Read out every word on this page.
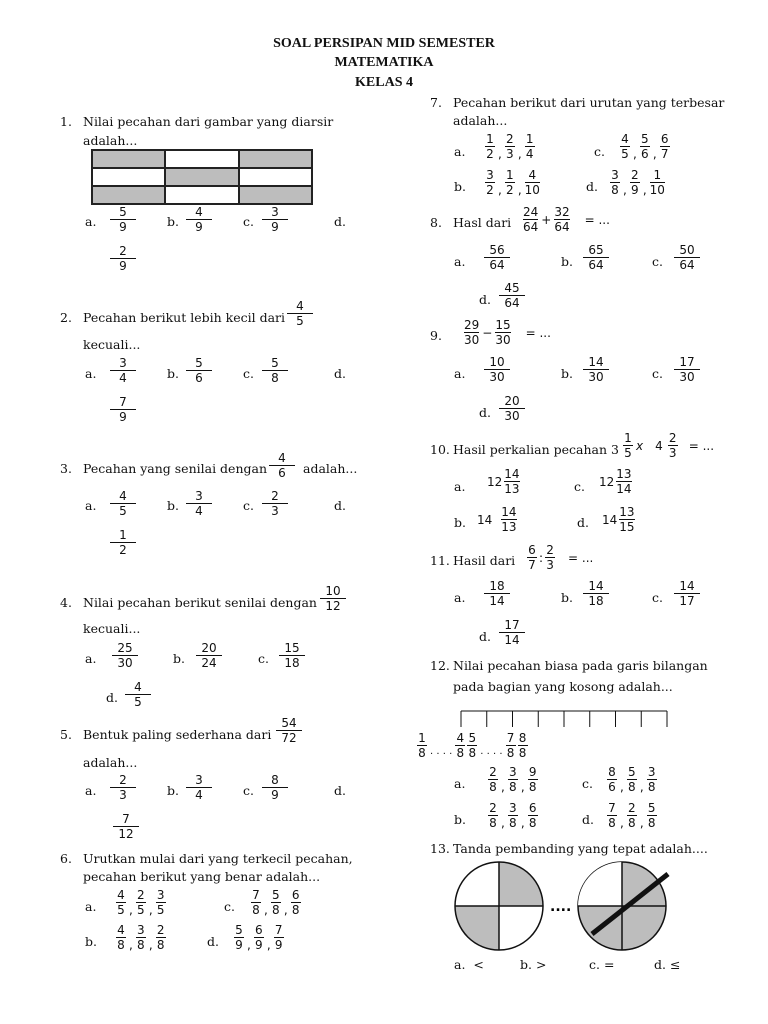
SOAL PERSIPAN MID SEMESTER
MATEMATIKA
KELAS 4
1. Nilai pecahan dari gambar yang diarsir
adalah...
a.
5
9	b.
4
9	c.
3
9	d.
2
9
2. Pecahan berikut lebih kecil dari
4
5
kecuali...
a.
3
4	b.
5
6	c.
5
8	d.
7
9
3. Pecahan yang senilai dengan
4
6	adalah...
a.
4
5	b.
3
4	c.
2
3	d.
1
2
4. Nilai pecahan berikut senilai dengan
10
12
kecuali...
a.
25
30	b.
20
24	c.
15
18
d.
4
5
5. Bentuk paling sederhana dari
54
72
adalah...
a.
2
3	b.
3
4	c.
8
9	d.
7
12
6. Urutkan mulai dari yang terkecil pecahan,
pecahan berikut yang benar adalah...
a.
4
5 ,
2
5 ,
3
5	c.
7
8 ,
5
8 ,
6
8
b.
4
8 ,
3
8 ,
2
8	d.
5
9 ,
6
9 ,
7
9
7. Pecahan berikut dari urutan yang terbesar
adalah...
a.
1
2 ,
2
3 ,
1
4	c.
4
5 ,
5
6 ,
6
7
b.
3
2 ,
1
2 ,
4
10	d.
3
8 ,
2
9 ,
1
10
8. Hasl dari
24
64
+ $\frac{32}{64}$	= ...
a.
56
64	b.
65
64	c.
50
64
d.
45
64
9.
29
30
− $\frac{15}{30}$	= ...
a.
10
30	b.
14
30	c.
17
30
d.
20
30
10. Hasil perkalian pecahan 3
1
5
x	$4 \frac{2}{3}$ = ...
a. 12
14
13	c. 12
13
14
b. 14
14
13	d. 14
13
15
11. Hasil dari
6
7
: $\frac{2}{3}$	= ...
a.
18
14	b.
14
18	c.
14
17
d.
17
14
12. Nilai pecahan biasa pada garis bilangan
pada bagian yang kosong adalah...
1
8 · · · ·
4
8
5
8 · · · ·
7
8
8
8
a.
2
8 ,
3
8 ,
9
8	c.
8
6 ,
5
8 ,
3
8
b.
2
8 ,
3
8 ,
6
8	d.
7
8 ,
2
8 ,
5
8
13. Tanda pembanding yang tepat adalah....
....
a. <	b. >	c. =	d. ≤
